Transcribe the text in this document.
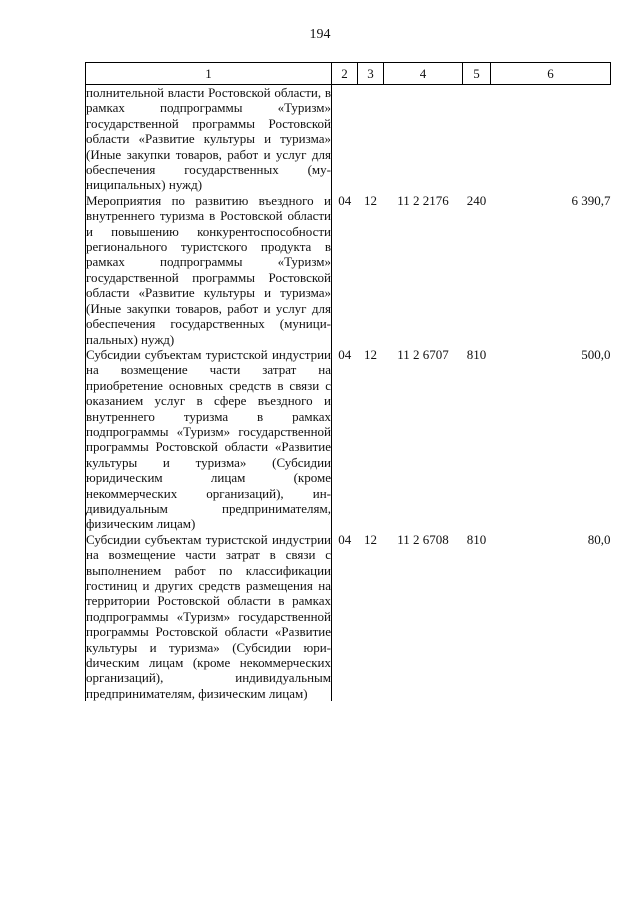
194
1	2	3	4	5	6
полнительной власти Ростовской области, в рамках подпрограммы «Туризм» государственной программы Ростовской области «Развитие культуры и туризма» (Иные закупки товаров, работ и услуг для обеспечения государственных (муниципальных) нужд)					
Мероприятия по развитию въездного и внутреннего туризма в Ростовской области и повышению конкурентоспособности регионального туристского продукта в рамках подпрограммы «Туризм» государственной программы Ростовской области «Развитие культуры и туризма» (Иные закупки товаров, работ и услуг для обеспечения государственных (муниципальных) нужд)	04	12	11 2 2176	240	6 390,7
Субсидии субъектам туристской индустрии на возмещение части затрат на приобретение основных средств в связи с оказанием услуг в сфере въездного и внутреннего туризма в рамках подпрограммы «Туризм» государственной программы Ростовской области «Развитие культуры и туризма» (Субсидии юридическим лицам (кроме некоммерческих организаций), индивидуальным предпринимателям, физическим лицам)	04	12	11 2 6707	810	500,0
Субсидии субъектам туристской индустрии на возмещение части затрат в связи с выполнением работ по классификации гостиниц и других средств размещения на территории Ростовской области в рамках подпрограммы «Туризм» государственной программы Ростовской области «Развитие культуры и туризма» (Субсидии юриdическим лицам (кроме некоммерческих организаций), индивидуальным предпринимателям, физическим лицам)	04	12	11 2 6708	810	80,0
